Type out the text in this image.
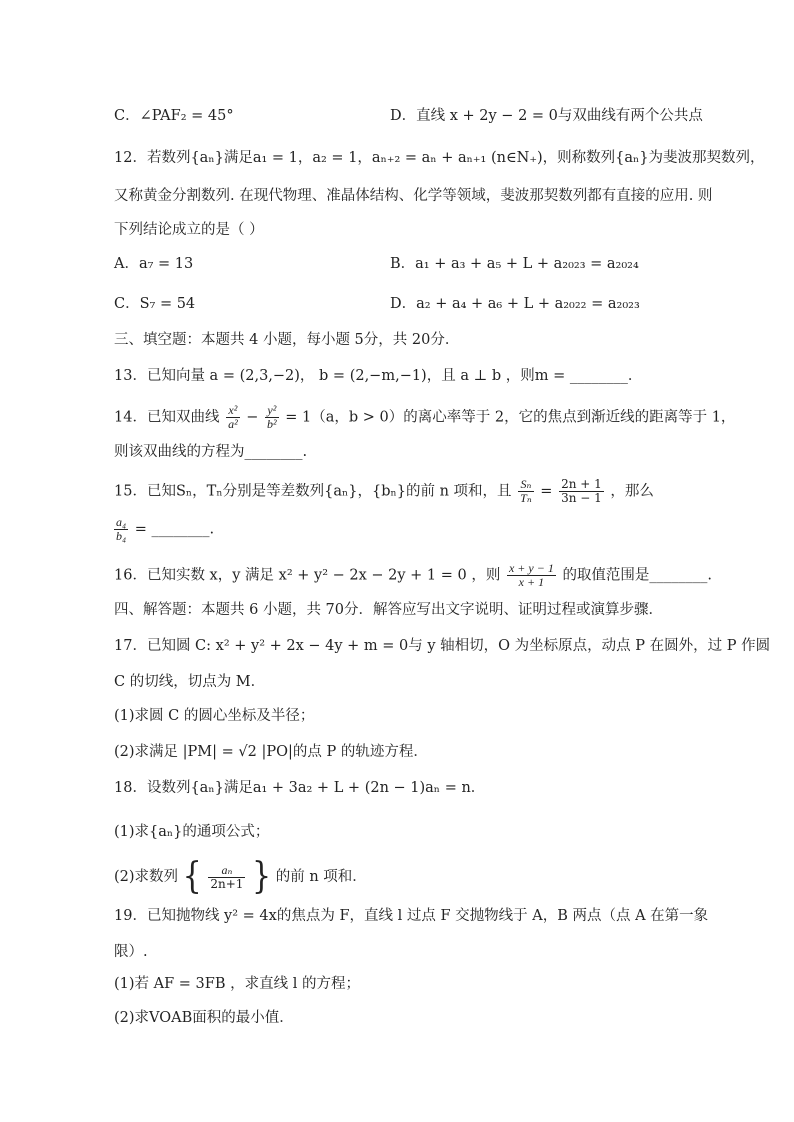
C．∠PAF₂ = 45°	D．直线 x + 2y − 2 = 0与双曲线有两个公共点
12．若数列{aₙ}满足a₁ = 1，a₂ = 1，aₙ₊₂ = aₙ + aₙ₊₁ (n∈N₊)，则称数列{aₙ}为斐波那契数列，
又称黄金分割数列. 在现代物理、准晶体结构、化学等领域，斐波那契数列都有直接的应用. 则
下列结论成立的是（ ）
A．a₇ = 13	B．a₁ + a₃ + a₅ + L + a₂₀₂₃ = a₂₀₂₄
C．S₇ = 54	D．a₂ + a₄ + a₆ + L + a₂₀₂₂ = a₂₀₂₃
三、填空题：本题共 4 小题，每小题 5分，共 20分．
13．已知向量 a = (2,3,−2)， b = (2,−m,−1)，且 a ⊥ b ，则m = ________．
14．已知双曲线 $\frac{\text{x²}}{\text{a²}} - \frac{\text{y²}}{\text{b²}} = 1(a$，b > 0）的离心率等于 2，它的焦点到渐近线的距离等于 1，
则该双曲线的方程为________.
15．已知Sₙ，Tₙ分别是等差数列{aₙ}，{bₙ}的前 n 项和，且 $\frac{\text{Sₙ}}{\text{Tₙ}} = \frac{2n + 1}{3n - 1}$ ，那么
$\frac{\text{a₄}}{\text{b₄}}$ = ________.
16．已知实数 x，y 满足 x² + y² − 2x − 2y + 1 = 0 ，则 $\frac{x + y - 1}{x + 1}$ 的取值范围是________.
四、解答题：本题共 6 小题，共 70分．解答应写出文字说明、证明过程或演算步骤．
17．已知圆 C: x² + y² + 2x − 4y + m = 0与 y 轴相切，O 为坐标原点，动点 P 在圆外，过 P 作圆
C 的切线，切点为 M．
(1)求圆 C 的圆心坐标及半径；
(2)求满足 |PM| = √2 |PO|的点 P 的轨迹方程．
18．设数列{aₙ}满足a₁ + 3a₂ + L + (2n − 1)aₙ = n．
(1)求{aₙ}的通项公式；
(2)求数列 { $\frac{\text{aₙ}}{2n+1}$ } 的前 n 项和．
19．已知抛物线 y² = 4x的焦点为 F，直线 l 过点 F 交抛物线于 A，B 两点（点 A 在第一象
限）.
(1)若 AF = 3FB ，求直线 l 的方程；
(2)求VOAB面积的最小值．
